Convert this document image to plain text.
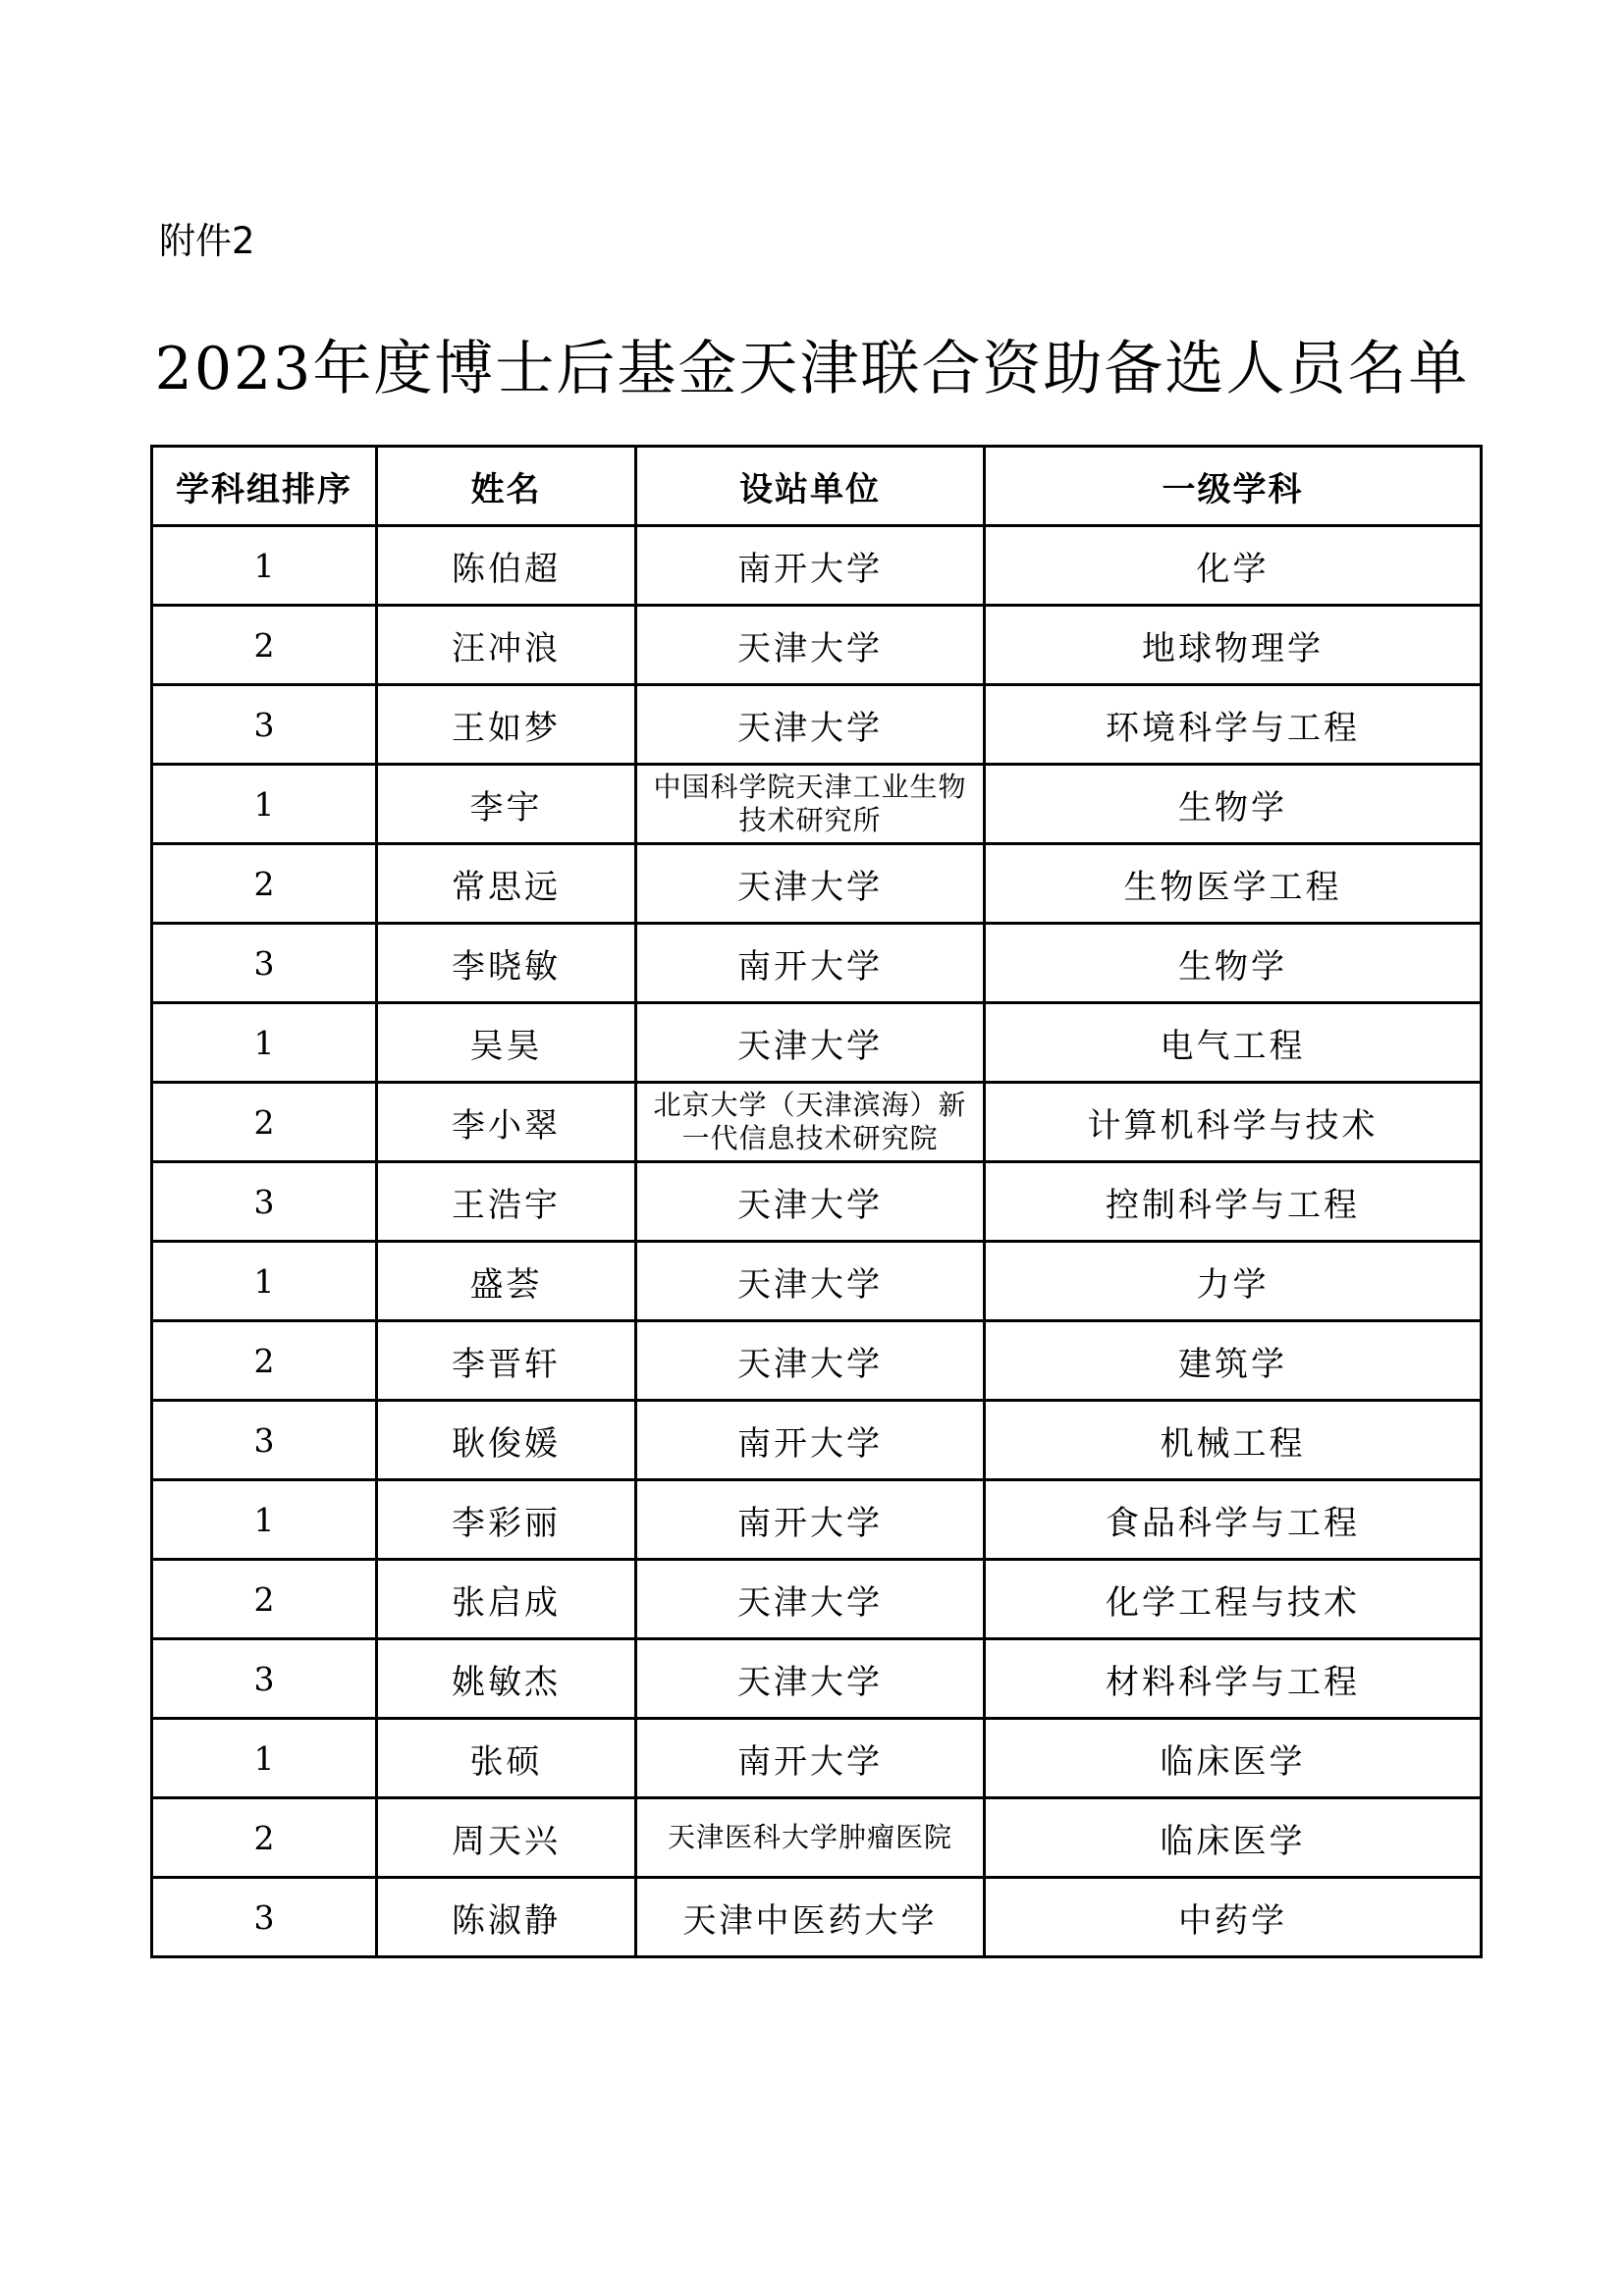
附件2
2023年度博士后基金天津联合资助备选人员名单
学科组排序	姓名	设站单位	一级学科
1	陈伯超	南开大学	化学
2	汪冲浪	天津大学	地球物理学
3	王如梦	天津大学	环境科学与工程
1	李宇	中国科学院天津工业生物技术研究所	生物学
2	常思远	天津大学	生物医学工程
3	李晓敏	南开大学	生物学
1	吴昊	天津大学	电气工程
2	李小翠	北京大学（天津滨海）新一代信息技术研究院	计算机科学与技术
3	王浩宇	天津大学	控制科学与工程
1	盛荟	天津大学	力学
2	李晋轩	天津大学	建筑学
3	耿俊媛	南开大学	机械工程
1	李彩丽	南开大学	食品科学与工程
2	张启成	天津大学	化学工程与技术
3	姚敏杰	天津大学	材料科学与工程
1	张硕	南开大学	临床医学
2	周天兴	天津医科大学肿瘤医院	临床医学
3	陈淑静	天津中医药大学	中药学
